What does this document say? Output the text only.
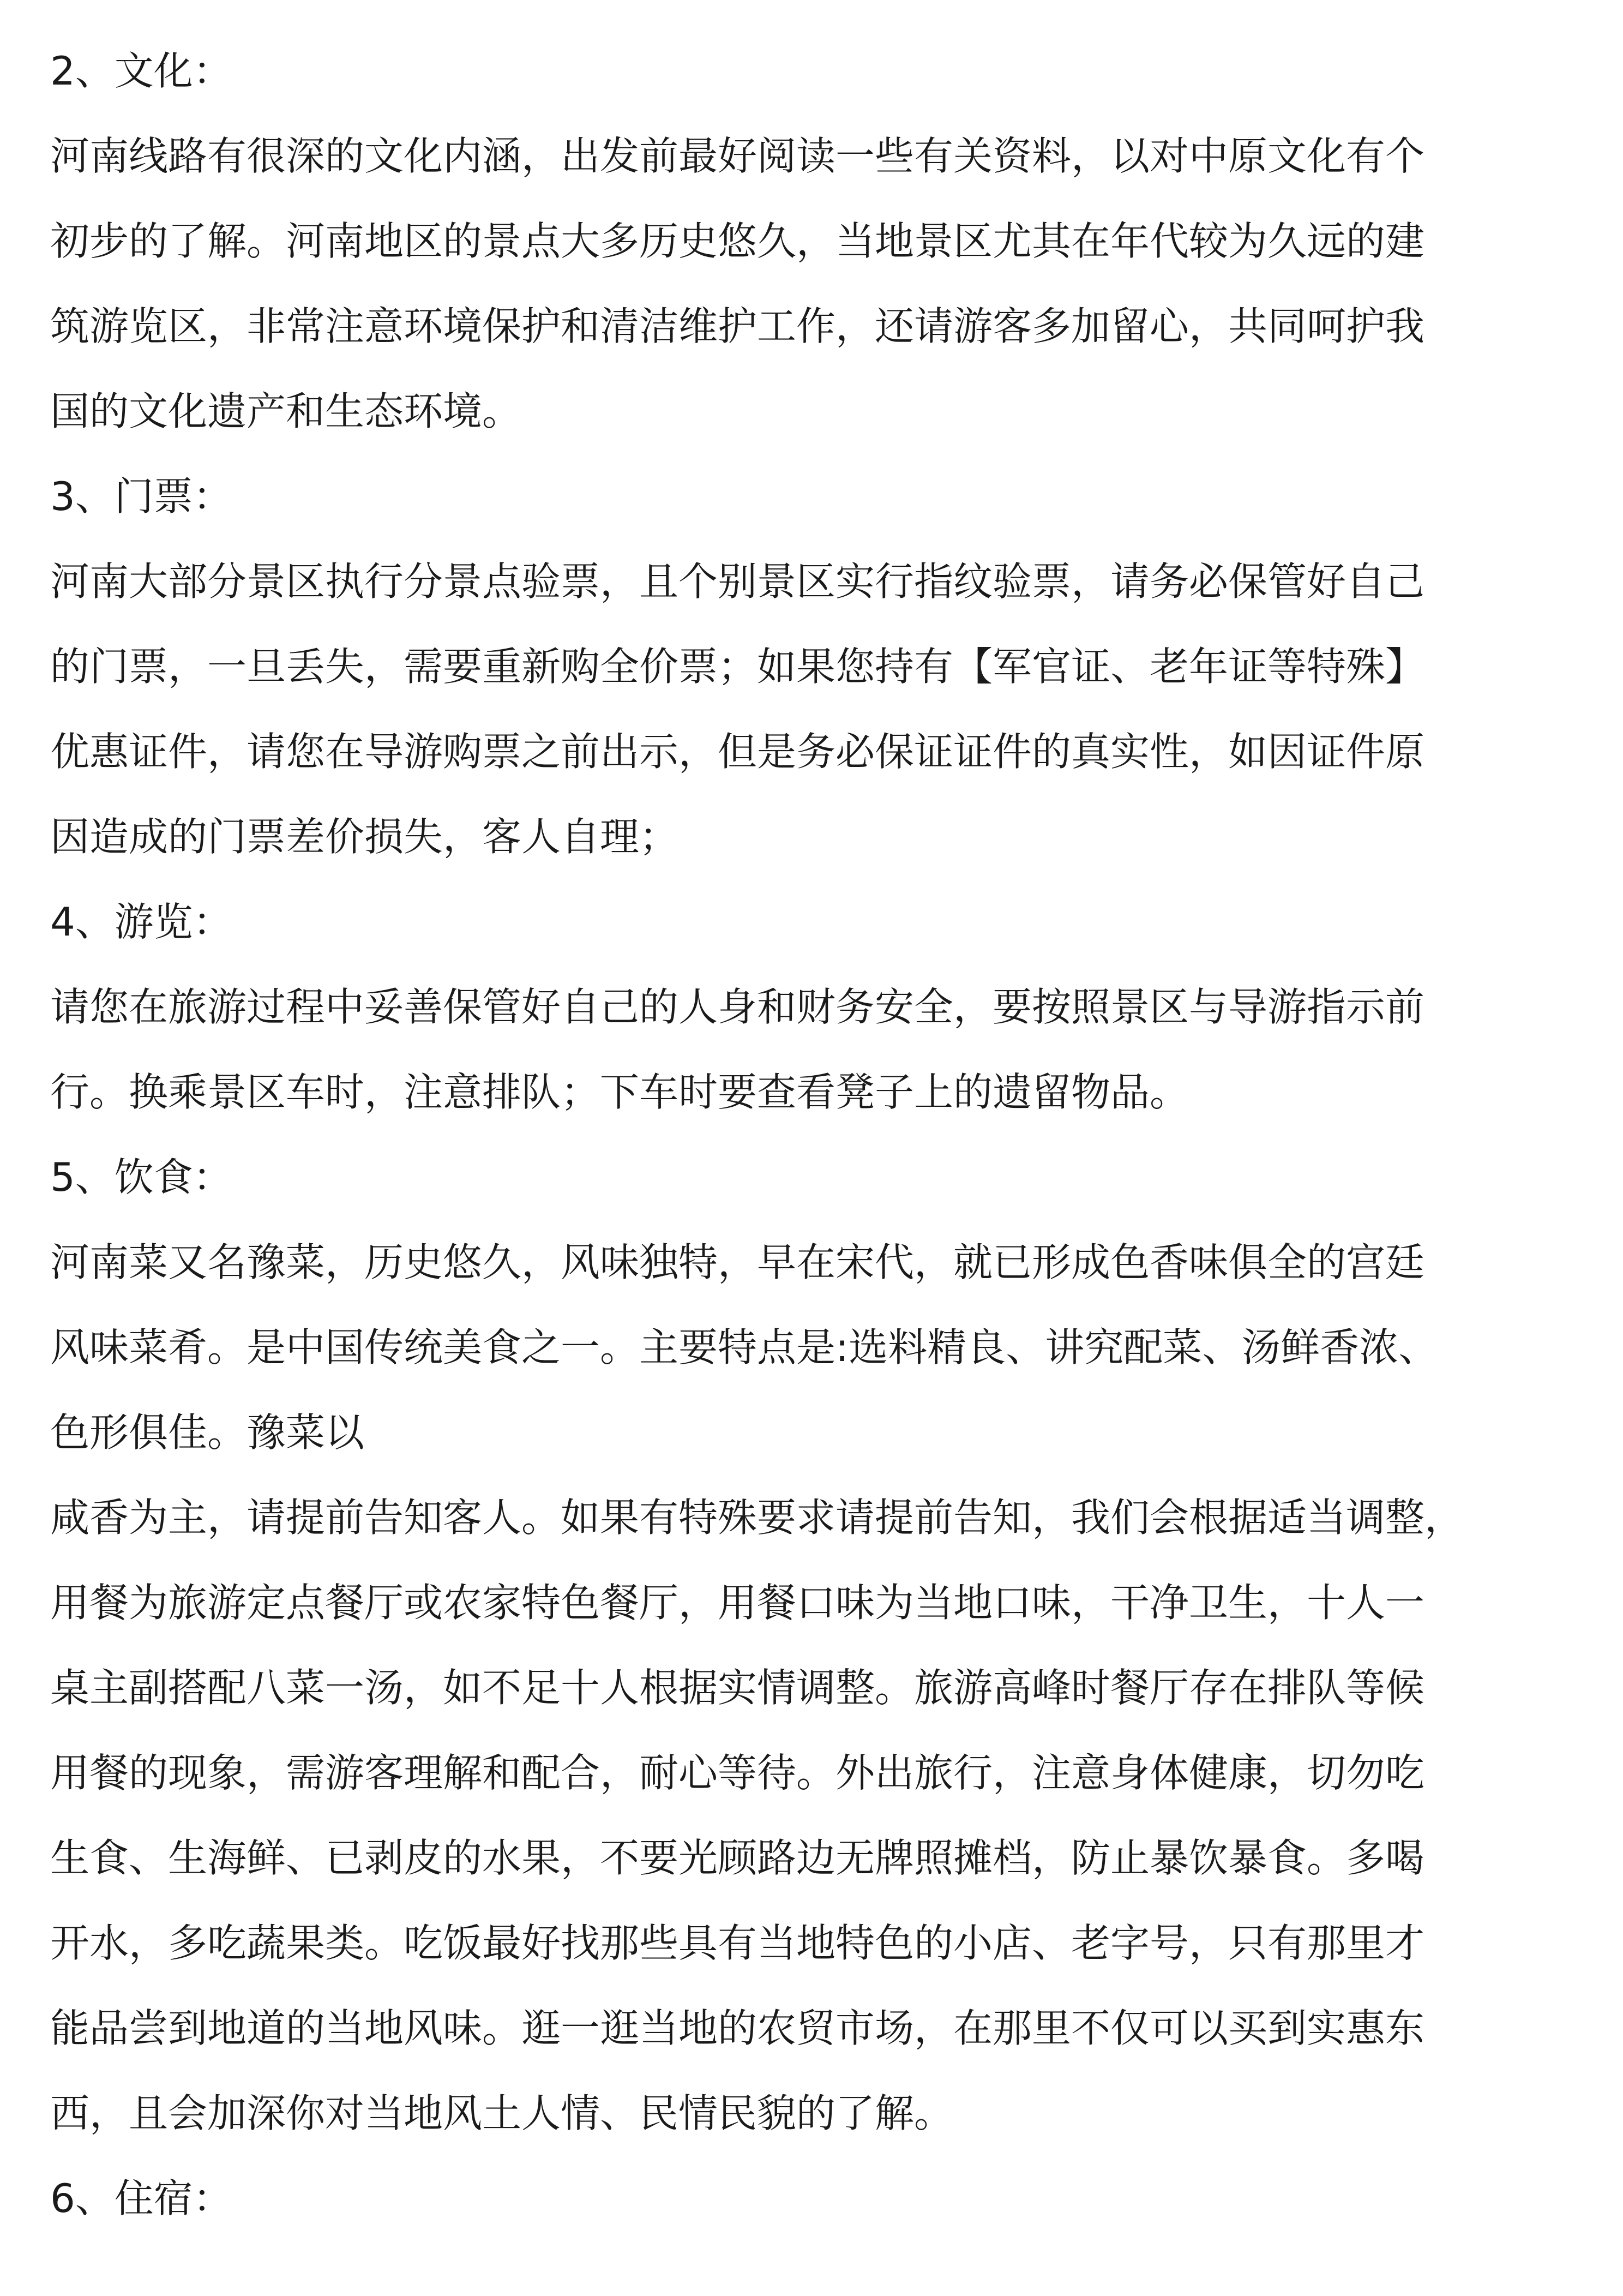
2、文化：

河南线路有很深的文化内涵，出发前最好阅读一些有关资料，以对中原文化有个

初步的了解。河南地区的景点大多历史悠久，当地景区尤其在年代较为久远的建

筑游览区，非常注意环境保护和清洁维护工作，还请游客多加留心，共同呵护我

国的文化遗产和生态环境。

3、门票：

河南大部分景区执行分景点验票，且个别景区实行指纹验票，请务必保管好自己

的门票，一旦丢失，需要重新购全价票；如果您持有【军官证、老年证等特殊】

优惠证件，请您在导游购票之前出示，但是务必保证证件的真实性，如因证件原

因造成的门票差价损失，客人自理；

4、游览：

请您在旅游过程中妥善保管好自己的人身和财务安全，要按照景区与导游指示前

行。换乘景区车时，注意排队；下车时要查看凳子上的遗留物品。

5、饮食：

河南菜又名豫菜，历史悠久，风味独特，早在宋代，就已形成色香味俱全的宫廷

风味菜肴。是中国传统美食之一。主要特点是:选料精良、讲究配菜、汤鲜香浓、

色形俱佳。豫菜以

咸香为主，请提前告知客人。如果有特殊要求请提前告知，我们会根据适当调整，

用餐为旅游定点餐厅或农家特色餐厅，用餐口味为当地口味，干净卫生，十人一

桌主副搭配八菜一汤，如不足十人根据实情调整。旅游高峰时餐厅存在排队等候

用餐的现象，需游客理解和配合，耐心等待。外出旅行，注意身体健康，切勿吃

生食、生海鲜、已剥皮的水果，不要光顾路边无牌照摊档，防止暴饮暴食。多喝

开水，多吃蔬果类。吃饭最好找那些具有当地特色的小店、老字号，只有那里才

能品尝到地道的当地风味。逛一逛当地的农贸市场，在那里不仅可以买到实惠东

西，且会加深你对当地风土人情、民情民貌的了解。

6、住宿：
